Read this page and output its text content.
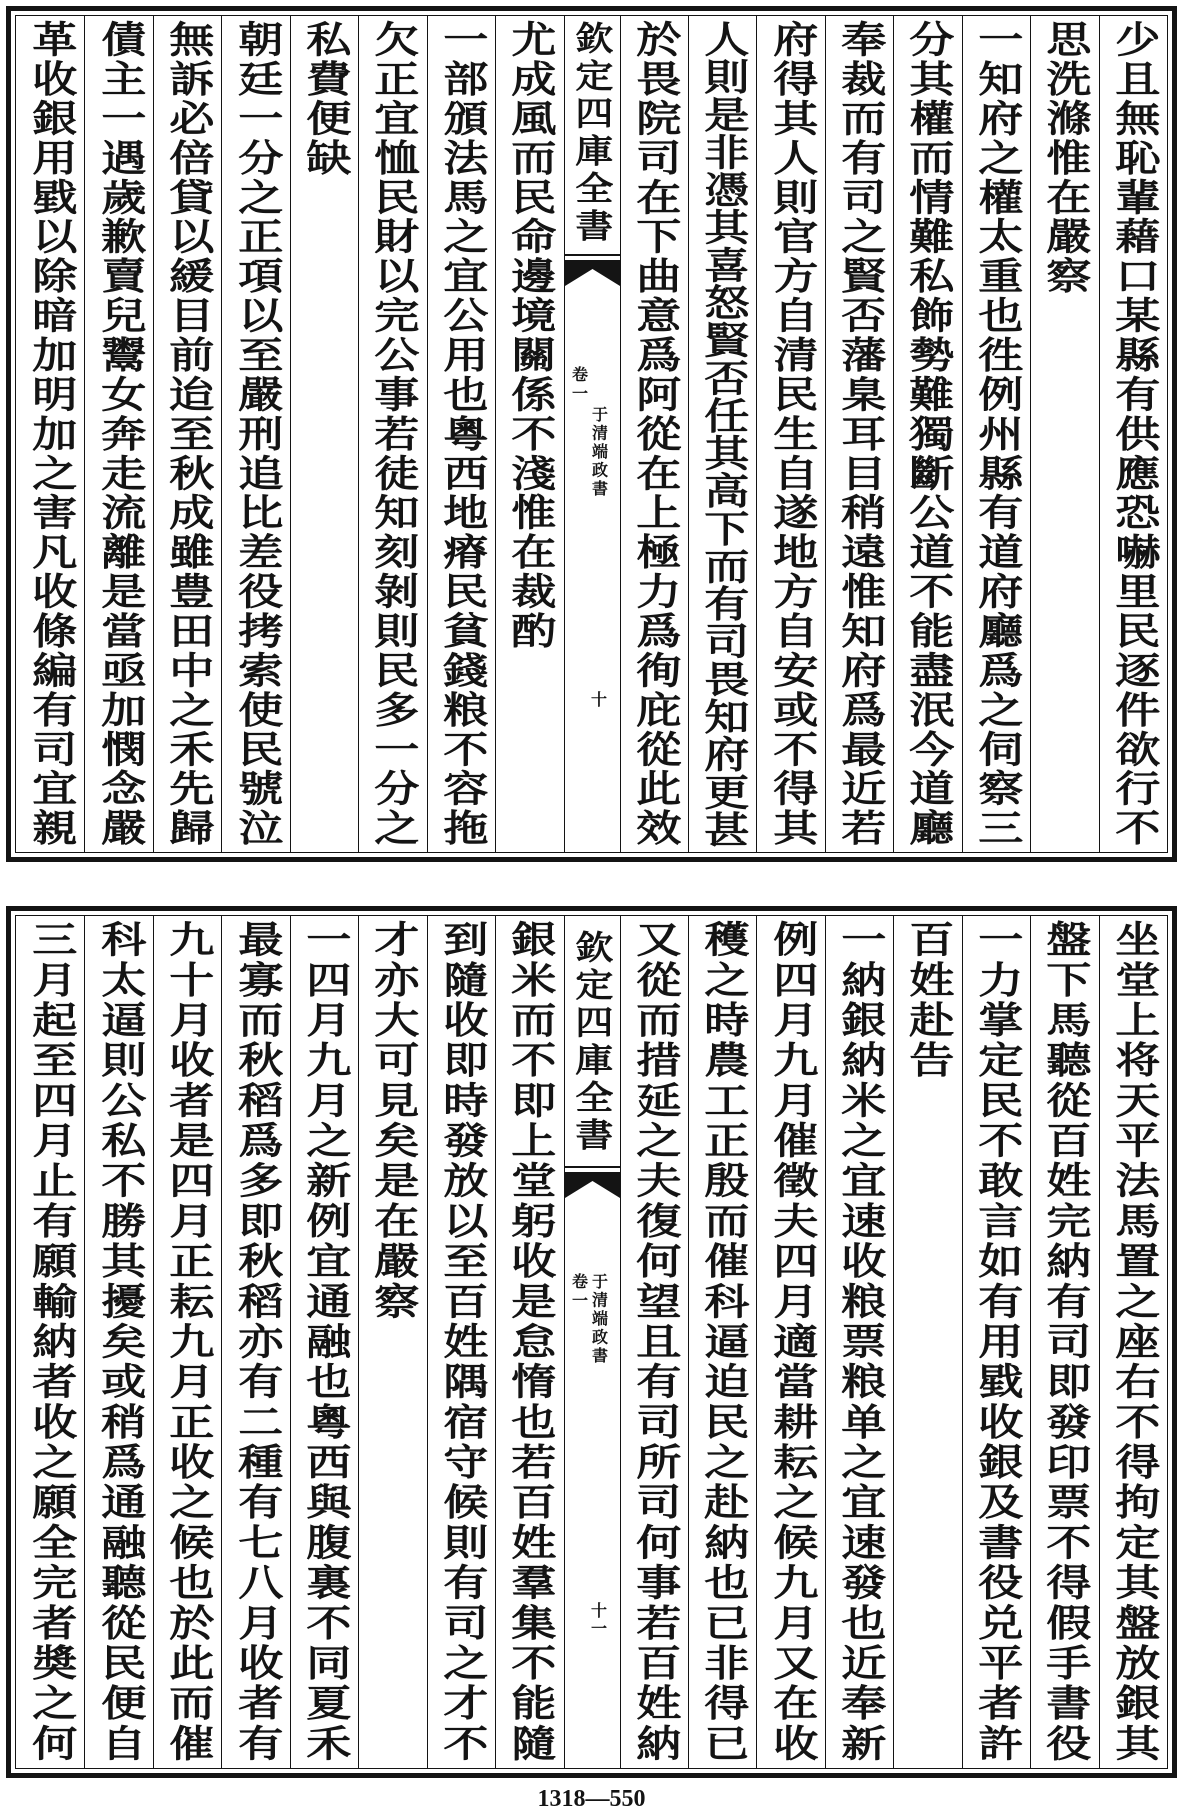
少且無恥輩藉口某縣有供應恐嚇里民逐件欲行不
思洗滌惟在嚴察
一知府之權太重也徃例州縣有道府廳爲之伺察三
分其權而情難私飾勢難獨斷公道不能盡泯今道廳
奉裁而有司之賢否藩臬耳目稍遠惟知府爲最近若
府得其人則官方自清民生自遂地方自安或不得其
人則是非憑其喜怒賢否任其高下而有司畏知府更甚
於畏院司在下曲意爲阿從在上極力爲徇庇從此效
欽定四庫全書
卷一
于清端政書
十
尤成風而民命邊境關係不淺惟在裁酌
一部頒法馬之宜公用也粵西地瘠民貧錢粮不容拖
欠正宜恤民財以完公事若徒知刻剝則民多一分之
私費便缺
朝廷一分之正項以至嚴刑追比差役拷索使民號泣
無訴必倍貸以緩目前迨至秋成雖豊田中之禾先歸
債主一遇歲歉賣兒鬻女奔走流離是當亟加憫念嚴
革收銀用戥以除暗加明加之害凡收條編有司宜親
坐堂上将天平法馬置之座右不得拘定其盤放銀其
盤下馬聽從百姓完納有司即發印票不得假手書役
一力掌定民不敢言如有用戥收銀及書役兑平者許
百姓赴告
一納銀納米之宜速收粮票粮单之宜速發也近奉新
例四月九月催徵夫四月適當耕耘之候九月又在收
穫之時農工正殷而催科逼迫民之赴納也已非得已
又從而措延之夫復何望且有司所司何事若百姓納
欽定四庫全書
卷一 于清端政書
十一
銀米而不即上堂躬收是怠惰也若百姓羣集不能隨
到隨收即時發放以至百姓隅宿守候則有司之才不
才亦大可見矣是在嚴察
一四月九月之新例宜通融也粵西與腹裏不同夏禾
最寡而秋稻爲多即秋稻亦有二種有七八月收者有
九十月收者是四月正耘九月正收之候也於此而催
科太逼則公私不勝其擾矣或稍爲通融聽從民便自
三月起至四月止有願輸納者收之願全完者奬之何
1318—550
